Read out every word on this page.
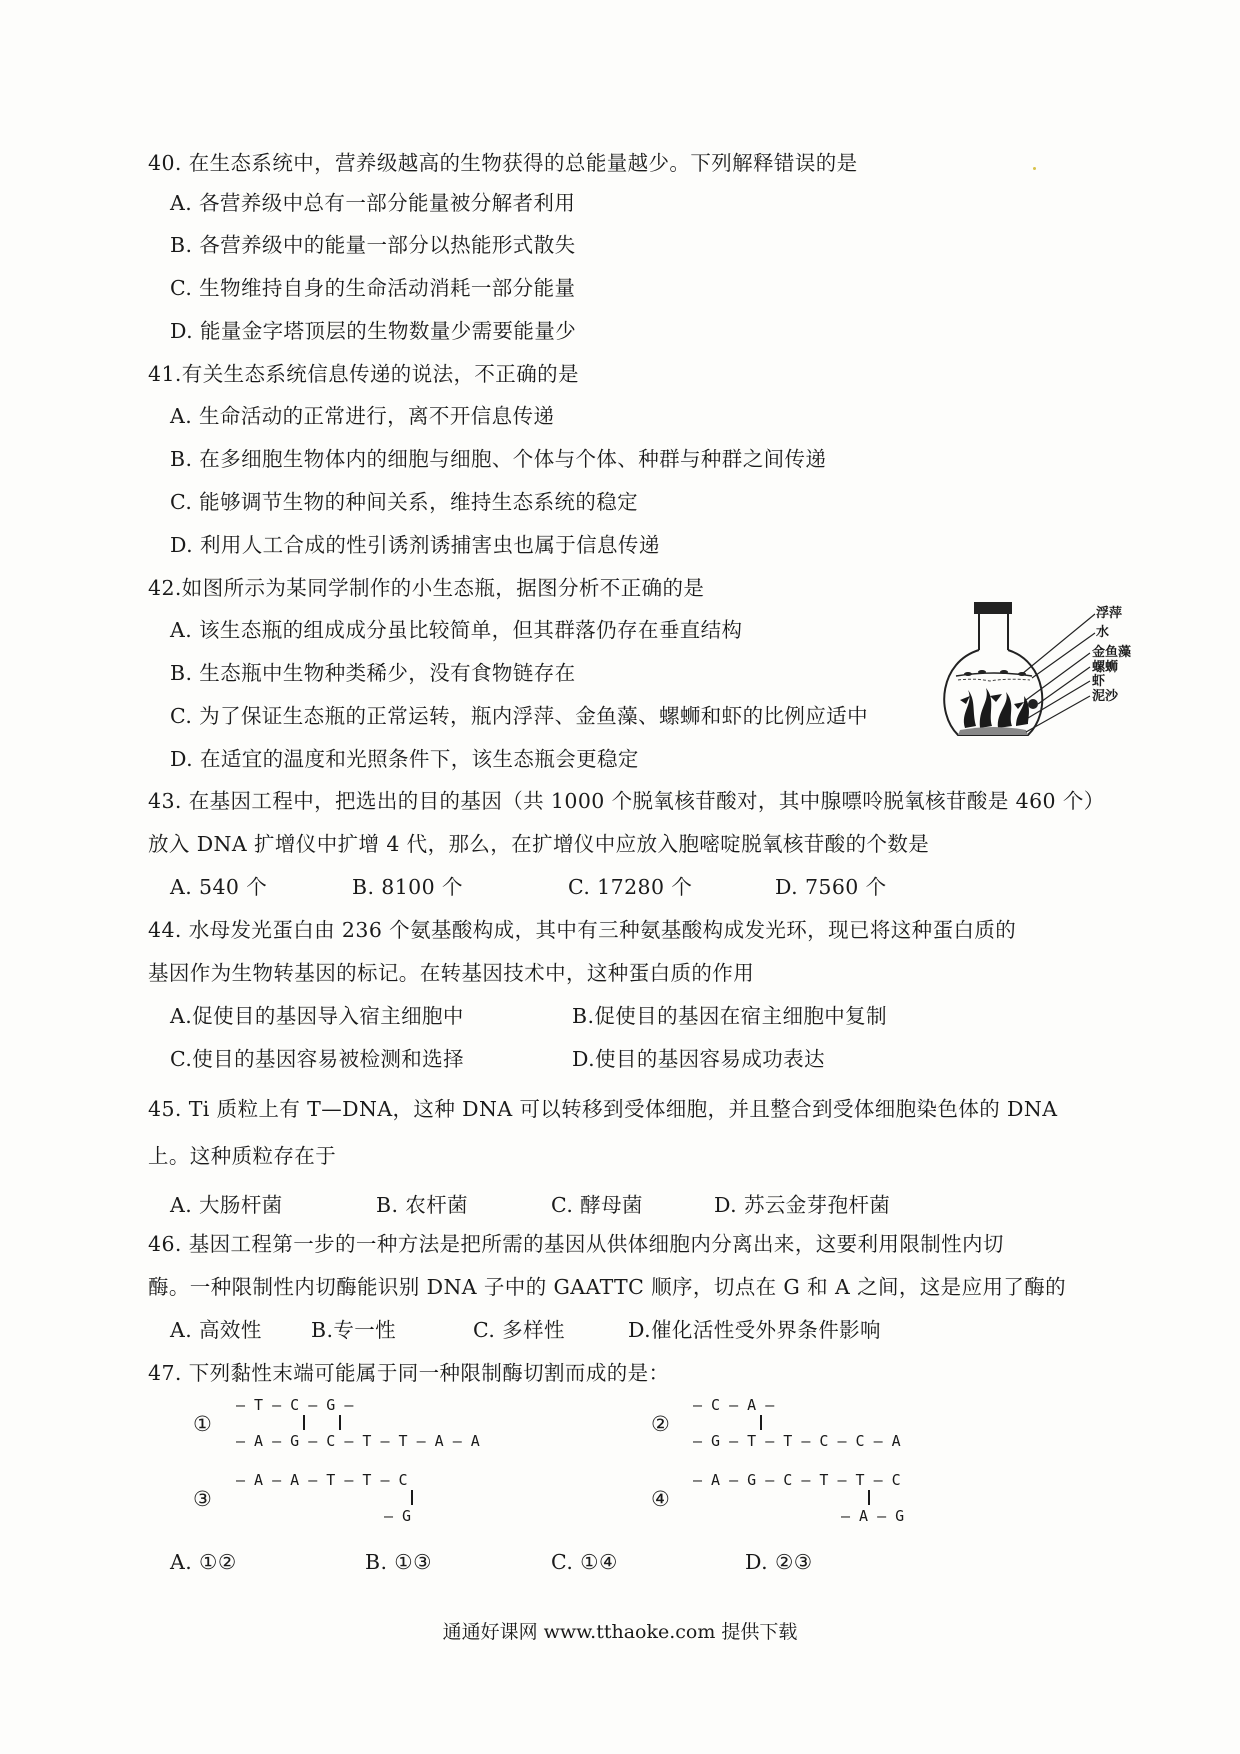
40. 在生态系统中，营养级越高的生物获得的总能量越少。下列解释错误的是
A. 各营养级中总有一部分能量被分解者利用
B. 各营养级中的能量一部分以热能形式散失
C. 生物维持自身的生命活动消耗一部分能量
D. 能量金字塔顶层的生物数量少需要能量少
41.有关生态系统信息传递的说法，不正确的是
A. 生命活动的正常进行，离不开信息传递
B. 在多细胞生物体内的细胞与细胞、个体与个体、种群与种群之间传递
C. 能够调节生物的种间关系，维持生态系统的稳定
D. 利用人工合成的性引诱剂诱捕害虫也属于信息传递
42.如图所示为某同学制作的小生态瓶，据图分析不正确的是
A. 该生态瓶的组成成分虽比较简单，但其群落仍存在垂直结构
B. 生态瓶中生物种类稀少，没有食物链存在
C. 为了保证生态瓶的正常运转，瓶内浮萍、金鱼藻、螺蛳和虾的比例应适中
D. 在适宜的温度和光照条件下，该生态瓶会更稳定
浮萍
水
金鱼藻
螺蛳
虾
泥沙
43. 在基因工程中，把选出的目的基因（共 1000 个脱氧核苷酸对，其中腺嘌呤脱氧核苷酸是 460 个）
放入 DNA 扩增仪中扩增 4 代，那么，在扩增仪中应放入胞嘧啶脱氧核苷酸的个数是
A. 540 个	B. 8100 个	C. 17280 个	D. 7560 个
44. 水母发光蛋白由 236 个氨基酸构成，其中有三种氨基酸构成发光环，现已将这种蛋白质的
基因作为生物转基因的标记。在转基因技术中，这种蛋白质的作用
A.促使目的基因导入宿主细胞中	B.促使目的基因在宿主细胞中复制
C.使目的基因容易被检测和选择	D.使目的基因容易成功表达
45. Ti 质粒上有 T—DNA，这种 DNA 可以转移到受体细胞，并且整合到受体细胞染色体的 DNA
上。这种质粒存在于
A. 大肠杆菌	B. 农杆菌	C. 酵母菌	D. 苏云金芽孢杆菌
46. 基因工程第一步的一种方法是把所需的基因从供体细胞内分离出来，这要利用限制性内切
酶。一种限制性内切酶能识别 DNA 子中的 GAATTC 顺序，切点在 G 和 A 之间，这是应用了酶的
A. 高效性 B.专一性	C. 多样性	D.催化活性受外界条件影响
47. 下列黏性末端可能属于同一种限制酶切割而成的是：
①
— T — C — G —
— A — G — C — T — T — A — A
②
— C — A —
— G — T — T — C — C — A
③
— A — A — T — T — C
— G
④
— A — G — C — T — T — C
— A — G
A. ①②	B. ①③	C. ①④	D. ②③
通通好课网 www.tthaoke.com 提供下载
